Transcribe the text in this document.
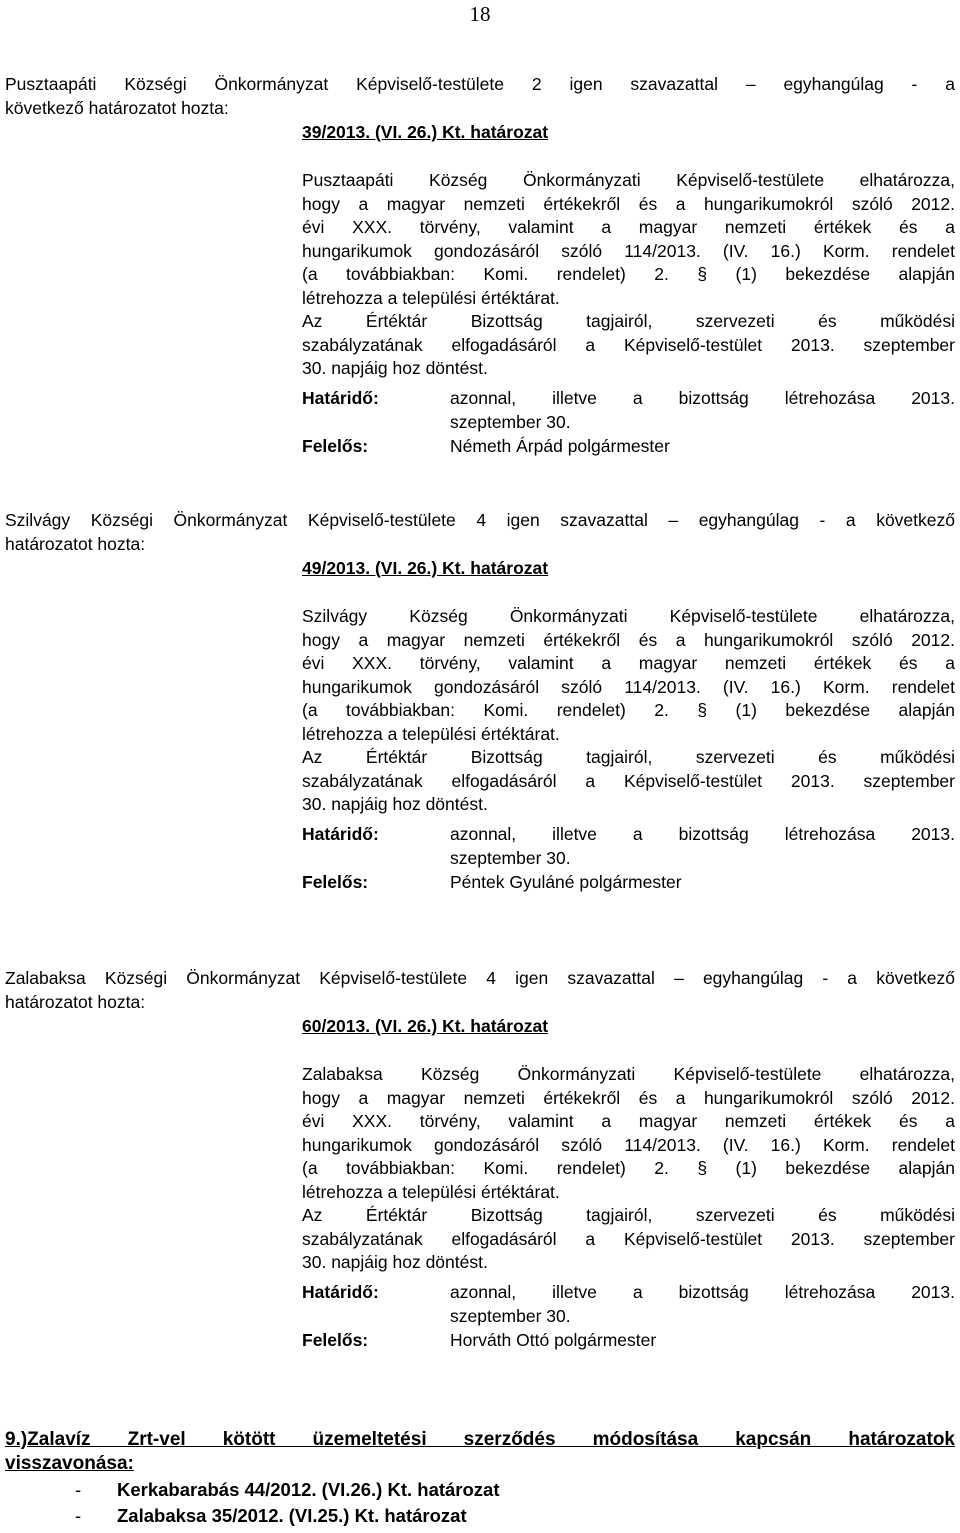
18
Pusztaapáti Községi Önkormányzat Képviselő-testülete 2 igen szavazattal – egyhangúlag - a
következő határozatot hozta:
39/2013. (VI. 26.) Kt. határozat
Pusztaapáti Község Önkormányzati Képviselő-testülete elhatározza,
hogy a magyar nemzeti értékekről és a hungarikumokról szóló 2012.
évi XXX. törvény, valamint a magyar nemzeti értékek és a
hungarikumok gondozásáról szóló 114/2013. (IV. 16.) Korm. rendelet
(a továbbiakban: Komi. rendelet) 2. § (1) bekezdése alapján
létrehozza a települési értéktárat.
Az Értéktár Bizottság tagjairól, szervezeti és működési
szabályzatának elfogadásáról a Képviselő-testület 2013. szeptember
30. napjáig hoz döntést.
Határidő:	azonnal, illetve a bizottság létrehozása 2013.
szeptember 30.
Felelős:	Németh Árpád polgármester
Szilvágy Községi Önkormányzat Képviselő-testülete 4 igen szavazattal – egyhangúlag - a következő
határozatot hozta:
49/2013. (VI. 26.) Kt. határozat
Szilvágy Község Önkormányzati Képviselő-testülete elhatározza,
hogy a magyar nemzeti értékekről és a hungarikumokról szóló 2012.
évi XXX. törvény, valamint a magyar nemzeti értékek és a
hungarikumok gondozásáról szóló 114/2013. (IV. 16.) Korm. rendelet
(a továbbiakban: Komi. rendelet) 2. § (1) bekezdése alapján
létrehozza a települési értéktárat.
Az Értéktár Bizottság tagjairól, szervezeti és működési
szabályzatának elfogadásáról a Képviselő-testület 2013. szeptember
30. napjáig hoz döntést.
Határidő:	azonnal, illetve a bizottság létrehozása 2013.
szeptember 30.
Felelős:	Péntek Gyuláné polgármester
Zalabaksa Községi Önkormányzat Képviselő-testülete 4 igen szavazattal – egyhangúlag - a következő
határozatot hozta:
60/2013. (VI. 26.) Kt. határozat
Zalabaksa Község Önkormányzati Képviselő-testülete elhatározza,
hogy a magyar nemzeti értékekről és a hungarikumokról szóló 2012.
évi XXX. törvény, valamint a magyar nemzeti értékek és a
hungarikumok gondozásáról szóló 114/2013. (IV. 16.) Korm. rendelet
(a továbbiakban: Komi. rendelet) 2. § (1) bekezdése alapján
létrehozza a települési értéktárat.
Az Értéktár Bizottság tagjairól, szervezeti és működési
szabályzatának elfogadásáról a Képviselő-testület 2013. szeptember
30. napjáig hoz döntést.
Határidő:	azonnal, illetve a bizottság létrehozása 2013.
szeptember 30.
Felelős:	Horváth Ottó polgármester
9.)Zalavíz Zrt-vel kötött üzemeltetési szerződés módosítása kapcsán határozatok
visszavonása:
- Kerkabarabás 44/2012. (VI.26.) Kt. határozat
- Zalabaksa 35/2012. (VI.25.) Kt. határozat
